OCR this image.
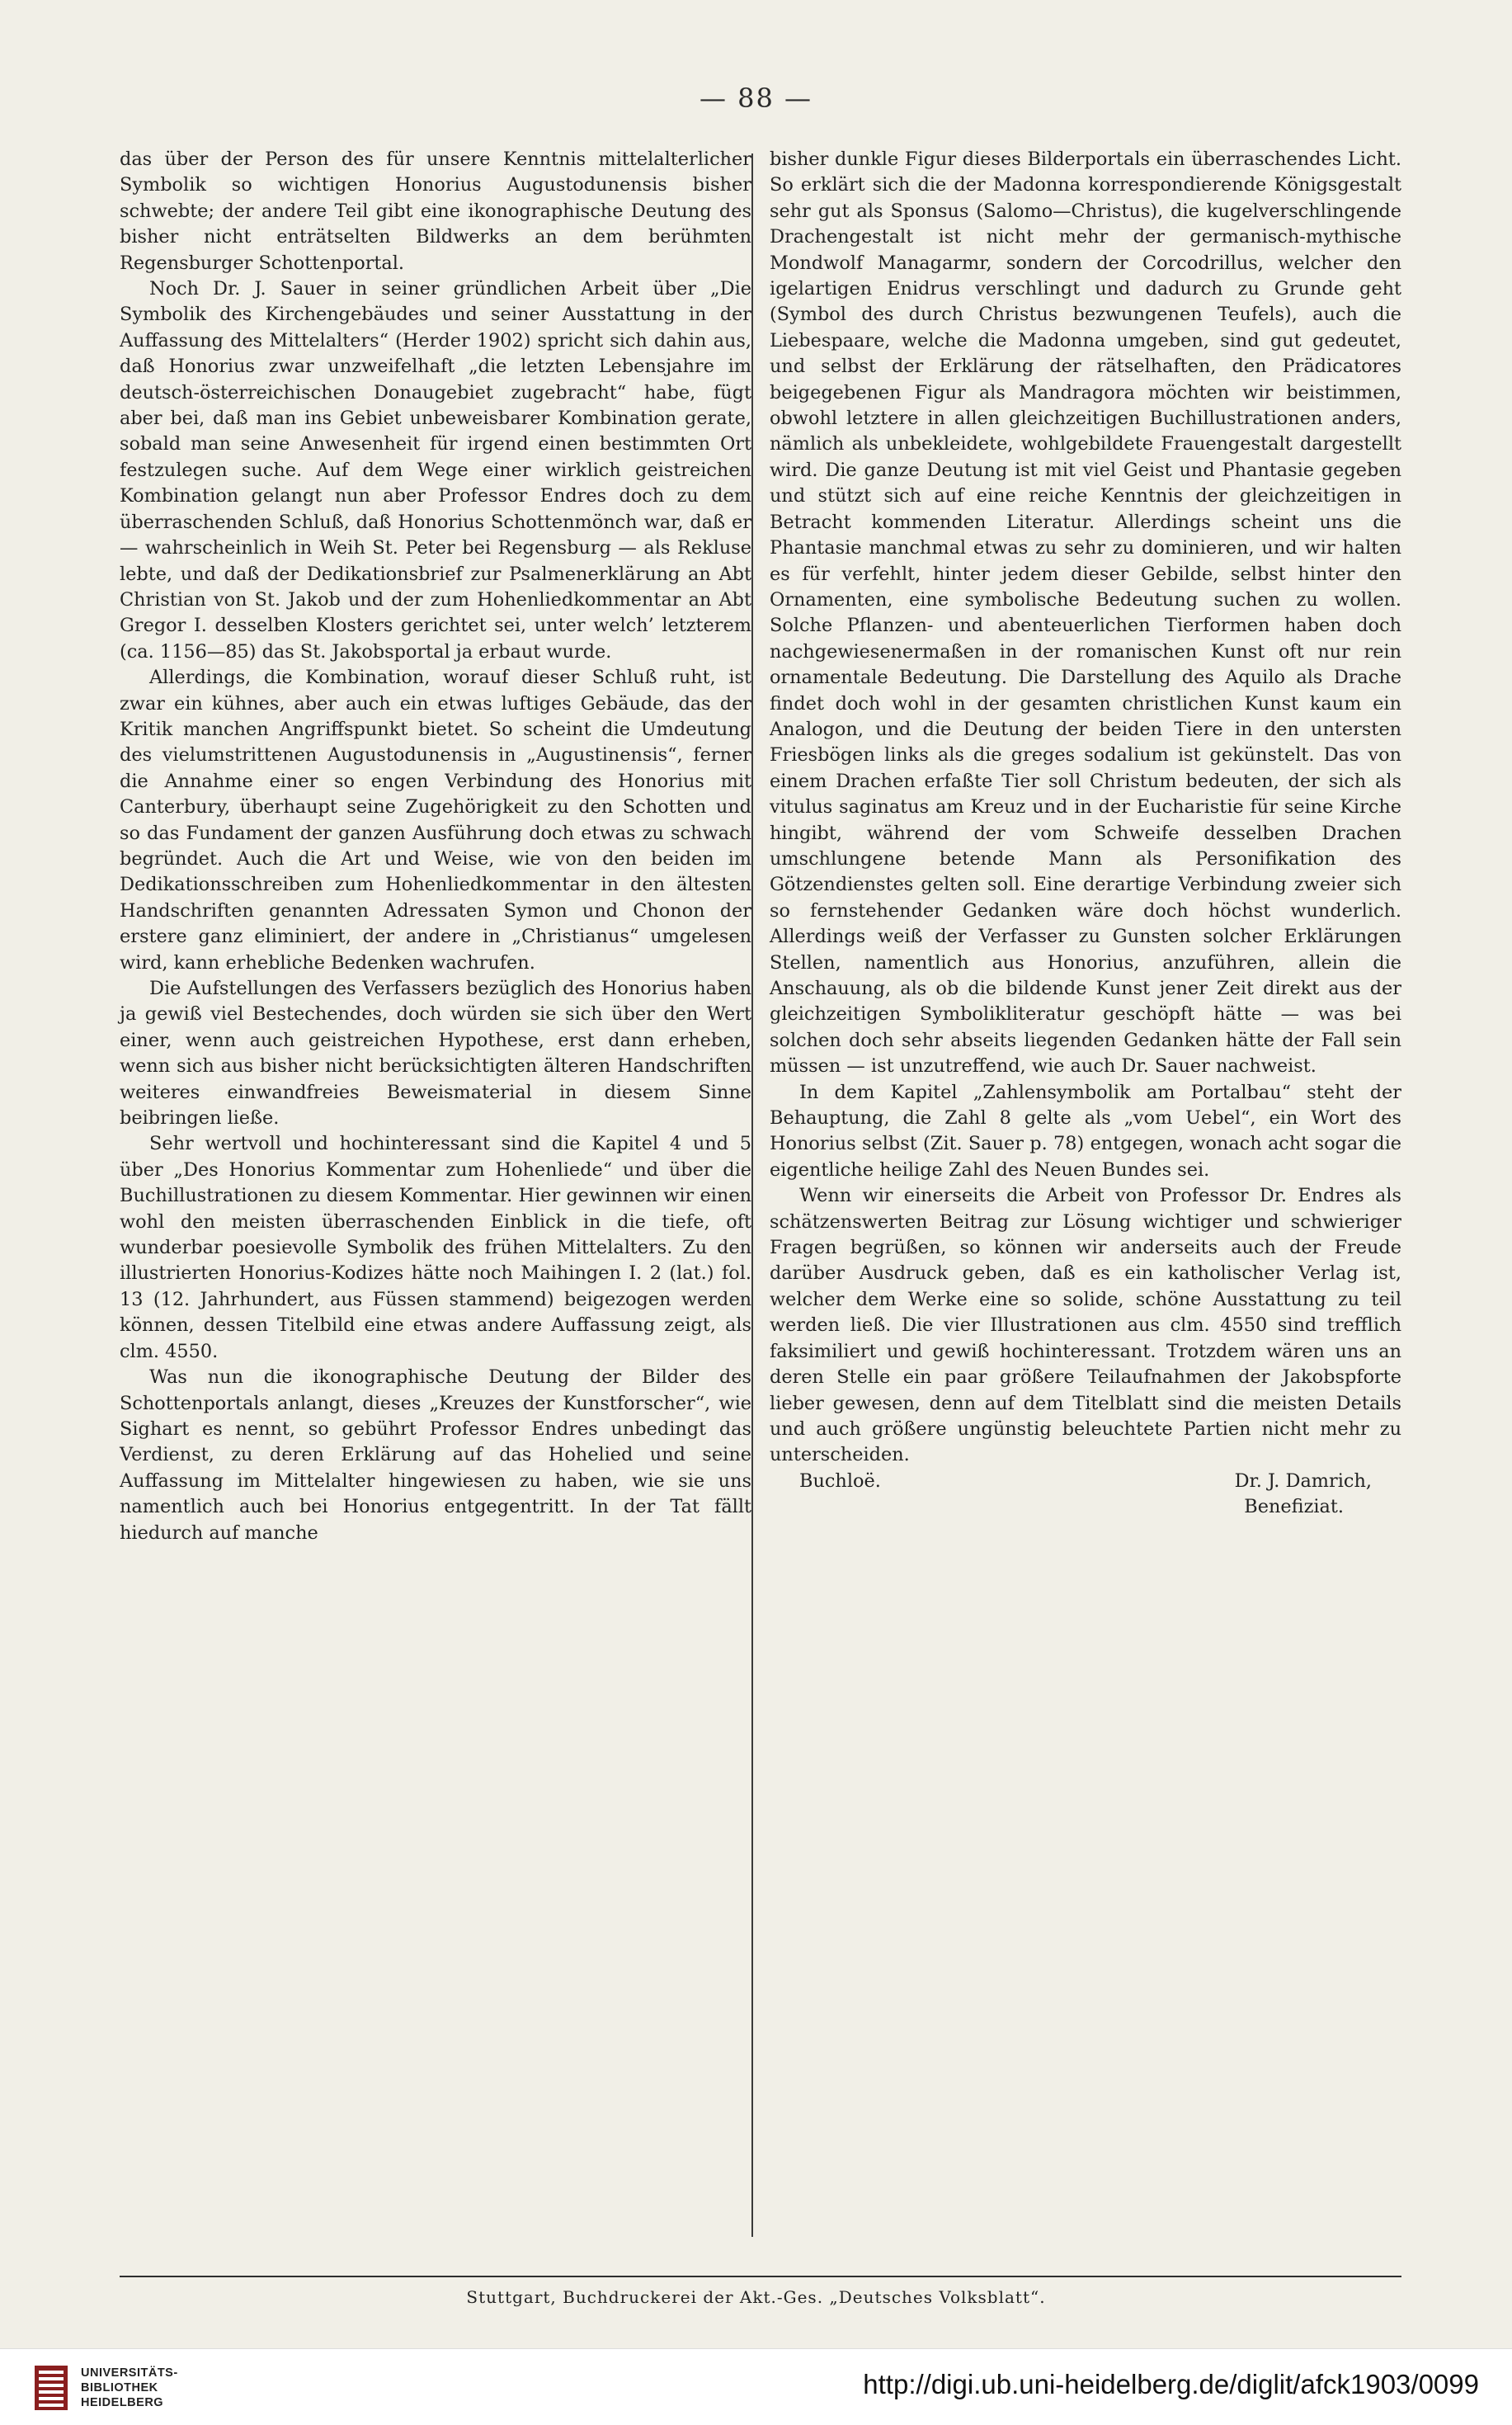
— 88 —

das über der Person des für unsere Kenntnis mittelalterlicher Symbolik so wichtigen Honorius Augustodunensis bisher schwebte; der andere Teil gibt eine ikonographische Deutung des bisher nicht enträtselten Bildwerks an dem berühmten Regensburger Schottenportal.

Noch Dr. J. Sauer in seiner gründlichen Arbeit über „Die Symbolik des Kirchengebäudes und seiner Ausstattung in der Auffassung des Mittelalters“ (Herder 1902) spricht sich dahin aus, daß Honorius zwar unzweifelhaft „die letzten Lebensjahre im deutsch-österreichischen Donaugebiet zugebracht“ habe, fügt aber bei, daß man ins Gebiet unbeweisbarer Kombination gerate, sobald man seine Anwesenheit für irgend einen bestimmten Ort festzulegen suche. Auf dem Wege einer wirklich geistreichen Kombination gelangt nun aber Professor Endres doch zu dem überraschenden Schluß, daß Honorius Schottenmönch war, daß er — wahrscheinlich in Weih St. Peter bei Regensburg — als Rekluse lebte, und daß der Dedikationsbrief zur Psalmenerklärung an Abt Christian von St. Jakob und der zum Hohenliedkommentar an Abt Gregor I. desselben Klosters gerichtet sei, unter welch’ letzterem (ca. 1156—85) das St. Jakobsportal ja erbaut wurde.

Allerdings, die Kombination, worauf dieser Schluß ruht, ist zwar ein kühnes, aber auch ein etwas luftiges Gebäude, das der Kritik manchen Angriffspunkt bietet. So scheint die Umdeutung des vielumstrittenen Augustodunensis in „Augustinensis“, ferner die Annahme einer so engen Verbindung des Honorius mit Canterbury, überhaupt seine Zugehörigkeit zu den Schotten und so das Fundament der ganzen Ausführung doch etwas zu schwach begründet. Auch die Art und Weise, wie von den beiden im Dedikationsschreiben zum Hohenliedkommentar in den ältesten Handschriften genannten Adressaten Symon und Chonon der erstere ganz eliminiert, der andere in „Christianus“ umgelesen wird, kann erhebliche Bedenken wachrufen.

Die Aufstellungen des Verfassers bezüglich des Honorius haben ja gewiß viel Bestechendes, doch würden sie sich über den Wert einer, wenn auch geistreichen Hypothese, erst dann erheben, wenn sich aus bisher nicht berücksichtigten älteren Handschriften weiteres einwandfreies Beweismaterial in diesem Sinne beibringen ließe.

Sehr wertvoll und hochinteressant sind die Kapitel 4 und 5 über „Des Honorius Kommentar zum Hohenliede“ und über die Buchillustrationen zu diesem Kommentar. Hier gewinnen wir einen wohl den meisten überraschenden Einblick in die tiefe, oft wunderbar poesievolle Symbolik des frühen Mittelalters. Zu den illustrierten Honorius-Kodizes hätte noch Maihingen I. 2 (lat.) fol. 13 (12. Jahrhundert, aus Füssen stammend) beigezogen werden können, dessen Titelbild eine etwas andere Auffassung zeigt, als clm. 4550.

Was nun die ikonographische Deutung der Bilder des Schottenportals anlangt, dieses „Kreuzes der Kunstforscher“, wie Sighart es nennt, so gebührt Professor Endres unbedingt das Verdienst, zu deren Erklärung auf das Hohelied und seine Auffassung im Mittelalter hingewiesen zu haben, wie sie uns namentlich auch bei Honorius entgegentritt. In der Tat fällt hiedurch auf manche

bisher dunkle Figur dieses Bilderportals ein überraschendes Licht. So erklärt sich die der Madonna korrespondierende Königsgestalt sehr gut als Sponsus (Salomo—Christus), die kugelverschlingende Drachengestalt ist nicht mehr der germanisch-mythische Mondwolf Managarmr, sondern der Corcodrillus, welcher den igelartigen Enidrus verschlingt und dadurch zu Grunde geht (Symbol des durch Christus bezwungenen Teufels), auch die Liebespaare, welche die Madonna umgeben, sind gut gedeutet, und selbst der Erklärung der rätselhaften, den Prädicatores beigegebenen Figur als Mandragora möchten wir beistimmen, obwohl letztere in allen gleichzeitigen Buchillustrationen anders, nämlich als unbekleidete, wohlgebildete Frauengestalt dargestellt wird. Die ganze Deutung ist mit viel Geist und Phantasie gegeben und stützt sich auf eine reiche Kenntnis der gleichzeitigen in Betracht kommenden Literatur. Allerdings scheint uns die Phantasie manchmal etwas zu sehr zu dominieren, und wir halten es für verfehlt, hinter jedem dieser Gebilde, selbst hinter den Ornamenten, eine symbolische Bedeutung suchen zu wollen. Solche Pflanzen- und abenteuerlichen Tierformen haben doch nachgewiesenermaßen in der romanischen Kunst oft nur rein ornamentale Bedeutung. Die Darstellung des Aquilo als Drache findet doch wohl in der gesamten christlichen Kunst kaum ein Analogon, und die Deutung der beiden Tiere in den untersten Friesbögen links als die greges sodalium ist gekünstelt. Das von einem Drachen erfaßte Tier soll Christum bedeuten, der sich als vitulus saginatus am Kreuz und in der Eucharistie für seine Kirche hingibt, während der vom Schweife desselben Drachen umschlungene betende Mann als Personifikation des Götzendienstes gelten soll. Eine derartige Verbindung zweier sich so fernstehender Gedanken wäre doch höchst wunderlich. Allerdings weiß der Verfasser zu Gunsten solcher Erklärungen Stellen, namentlich aus Honorius, anzuführen, allein die Anschauung, als ob die bildende Kunst jener Zeit direkt aus der gleichzeitigen Symbolikliteratur geschöpft hätte — was bei solchen doch sehr abseits liegenden Gedanken hätte der Fall sein müssen — ist unzutreffend, wie auch Dr. Sauer nachweist.

In dem Kapitel „Zahlensymbolik am Portalbau“ steht der Behauptung, die Zahl 8 gelte als „vom Uebel“, ein Wort des Honorius selbst (Zit. Sauer p. 78) entgegen, wonach acht sogar die eigentliche heilige Zahl des Neuen Bundes sei.

Wenn wir einerseits die Arbeit von Professor Dr. Endres als schätzenswerten Beitrag zur Lösung wichtiger und schwieriger Fragen begrüßen, so können wir anderseits auch der Freude darüber Ausdruck geben, daß es ein katholischer Verlag ist, welcher dem Werke eine so solide, schöne Ausstattung zu teil werden ließ. Die vier Illustrationen aus clm. 4550 sind trefflich faksimiliert und gewiß hochinteressant. Trotzdem wären uns an deren Stelle ein paar größere Teilaufnahmen der Jakobspforte lieber gewesen, denn auf dem Titelblatt sind die meisten Details und auch größere ungünstig beleuchtete Partien nicht mehr zu unterscheiden.

Buchloë.	Dr. J. Damrich,
Benefiziat.
Stuttgart, Buchdruckerei der Akt.-Ges. „Deutsches Volksblatt“.
UNIVERSITÄTS-
BIBLIOTHEK
HEIDELBERG
http://digi.ub.uni-heidelberg.de/diglit/afck1903/0099
